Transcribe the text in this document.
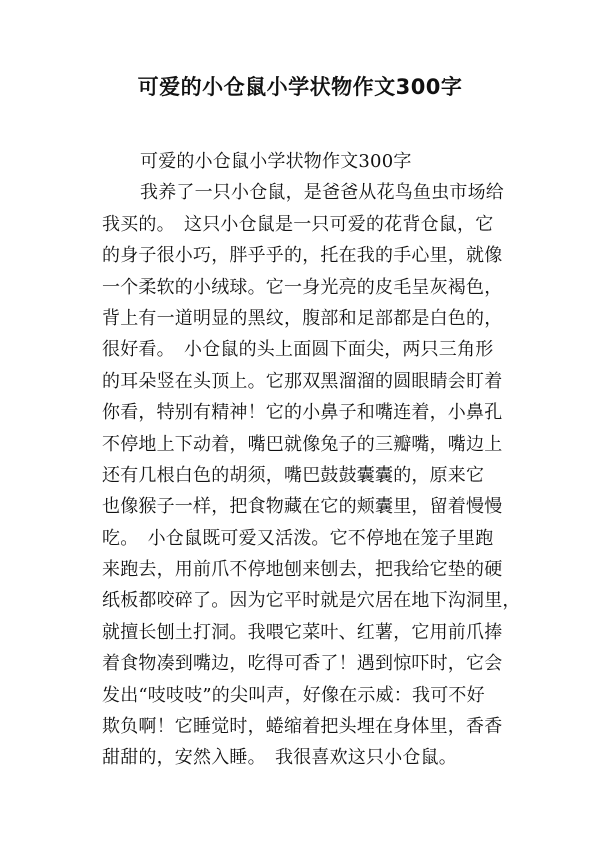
可爱的小仓鼠小学状物作文300字
可爱的小仓鼠小学状物作文300字
我养了一只小仓鼠，是爸爸从花鸟鱼虫市场给
我买的。　这只小仓鼠是一只可爱的花背仓鼠，它
的身子很小巧，胖乎乎的，托在我的手心里，就像
一个柔软的小绒球。它一身光亮的皮毛呈灰褐色，
背上有一道明显的黑纹，腹部和足部都是白色的，
很好看。　小仓鼠的头上面圆下面尖，两只三角形
的耳朵竖在头顶上。它那双黑溜溜的圆眼睛会盯着
你看，特别有精神！它的小鼻子和嘴连着，小鼻孔
不停地上下动着，嘴巴就像兔子的三瓣嘴，嘴边上
还有几根白色的胡须，嘴巴鼓鼓囊囊的，原来它
也像猴子一样，把食物藏在它的颊囊里，留着慢慢
吃。　小仓鼠既可爱又活泼。它不停地在笼子里跑
来跑去，用前爪不停地刨来刨去，把我给它垫的硬
纸板都咬碎了。因为它平时就是穴居在地下沟洞里，
就擅长刨土打洞。我喂它菜叶、红薯，它用前爪捧
着食物凑到嘴边，吃得可香了！遇到惊吓时，它会
发出“吱吱吱”的尖叫声，好像在示威：我可不好
欺负啊！它睡觉时，蜷缩着把头埋在身体里，香香
甜甜的，安然入睡。　我很喜欢这只小仓鼠。
